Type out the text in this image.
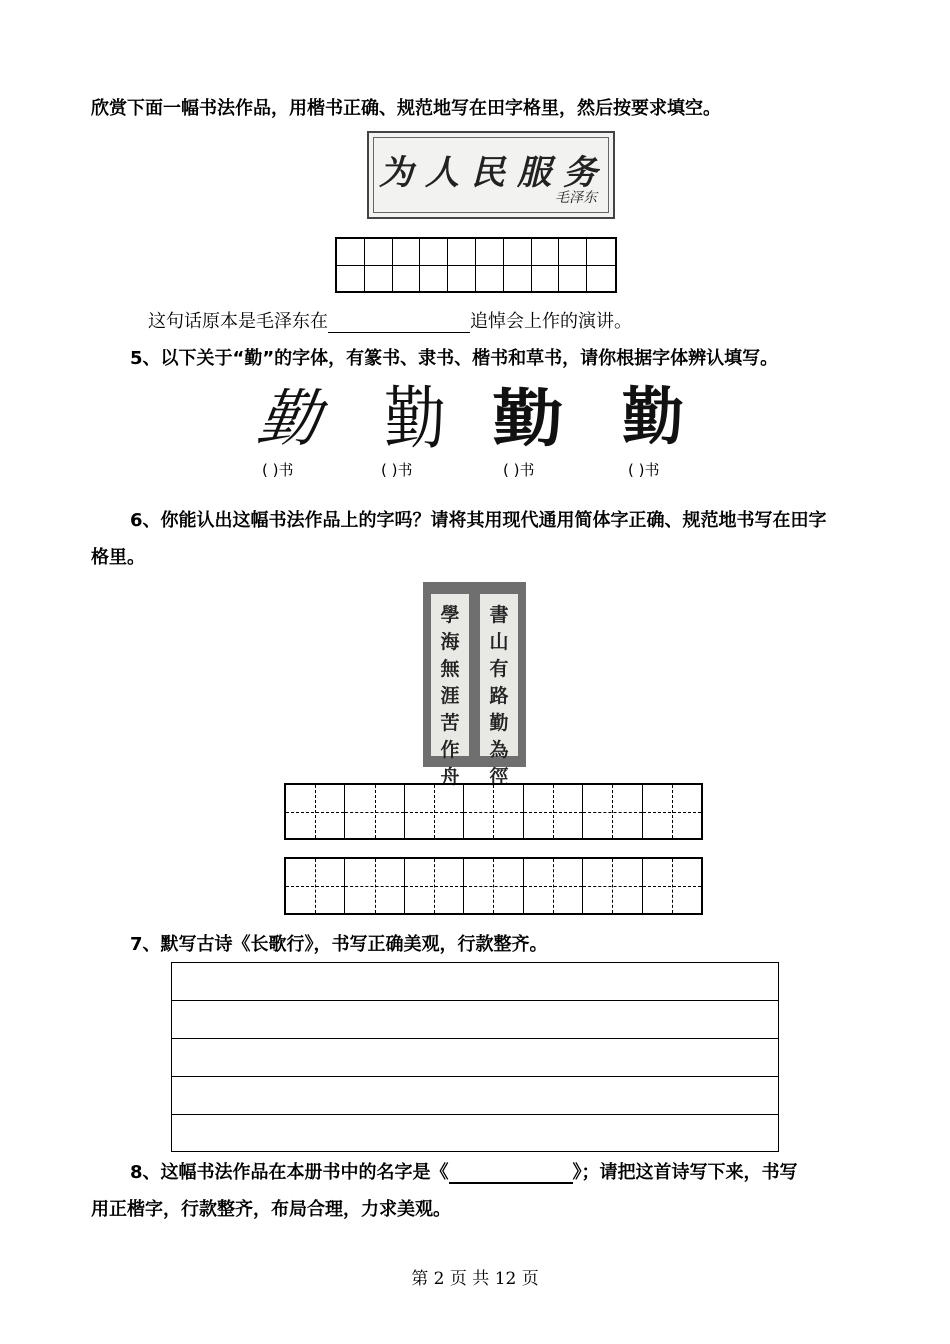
欣赏下面一幅书法作品，用楷书正确、规范地写在田字格里，然后按要求填空。
为人民服务
毛泽东
这句话原本是毛泽东在	追悼会上作的演讲。
5、以下关于“勤”的字体，有篆书、隶书、楷书和草书，请你根据字体辨认填写。
勤 勤 勤 勤
( )书	( )书	( )书	( )书
6、你能认出这幅书法作品上的字吗？请将其用现代通用简体字正确、规范地书写在田字
格里。
學
海
無
涯
苦
作
舟
書
山
有
路
勤
為
徑
7、默写古诗《长歌行》，书写正确美观，行款整齐。
8、这幅书法作品在本册书中的名字是《	》；请把这首诗写下来，书写
用正楷字，行款整齐，布局合理，力求美观。
第 2 页 共 12 页
